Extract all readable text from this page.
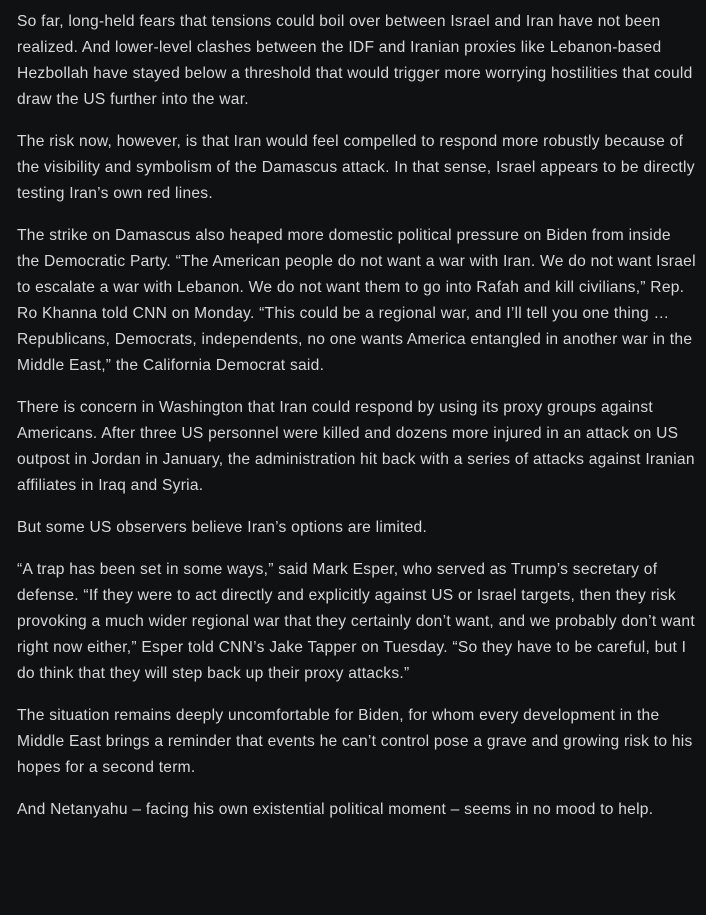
So far, long-held fears that tensions could boil over between Israel and Iran have not been realized. And lower-level clashes between the IDF and Iranian proxies like Lebanon-based Hezbollah have stayed below a threshold that would trigger more worrying hostilities that could draw the US further into the war.

The risk now, however, is that Iran would feel compelled to respond more robustly because of the visibility and symbolism of the Damascus attack. In that sense, Israel appears to be directly testing Iran’s own red lines.

The strike on Damascus also heaped more domestic political pressure on Biden from inside the Democratic Party. “The American people do not want a war with Iran. We do not want Israel to escalate a war with Lebanon. We do not want them to go into Rafah and kill civilians,” Rep. Ro Khanna told CNN on Monday. “This could be a regional war, and I’ll tell you one thing … Republicans, Democrats, independents, no one wants America entangled in another war in the Middle East,” the California Democrat said.

There is concern in Washington that Iran could respond by using its proxy groups against Americans. After three US personnel were killed and dozens more injured in an attack on US outpost in Jordan in January, the administration hit back with a series of attacks against Iranian affiliates in Iraq and Syria.

But some US observers believe Iran’s options are limited.

“A trap has been set in some ways,” said Mark Esper, who served as Trump’s secretary of defense. “If they were to act directly and explicitly against US or Israel targets, then they risk provoking a much wider regional war that they certainly don’t want, and we probably don’t want right now either,” Esper told CNN’s Jake Tapper on Tuesday. “So they have to be careful, but I do think that they will step back up their proxy attacks.”

The situation remains deeply uncomfortable for Biden, for whom every development in the Middle East brings a reminder that events he can’t control pose a grave and growing risk to his hopes for a second term.

And Netanyahu – facing his own existential political moment – seems in no mood to help.
